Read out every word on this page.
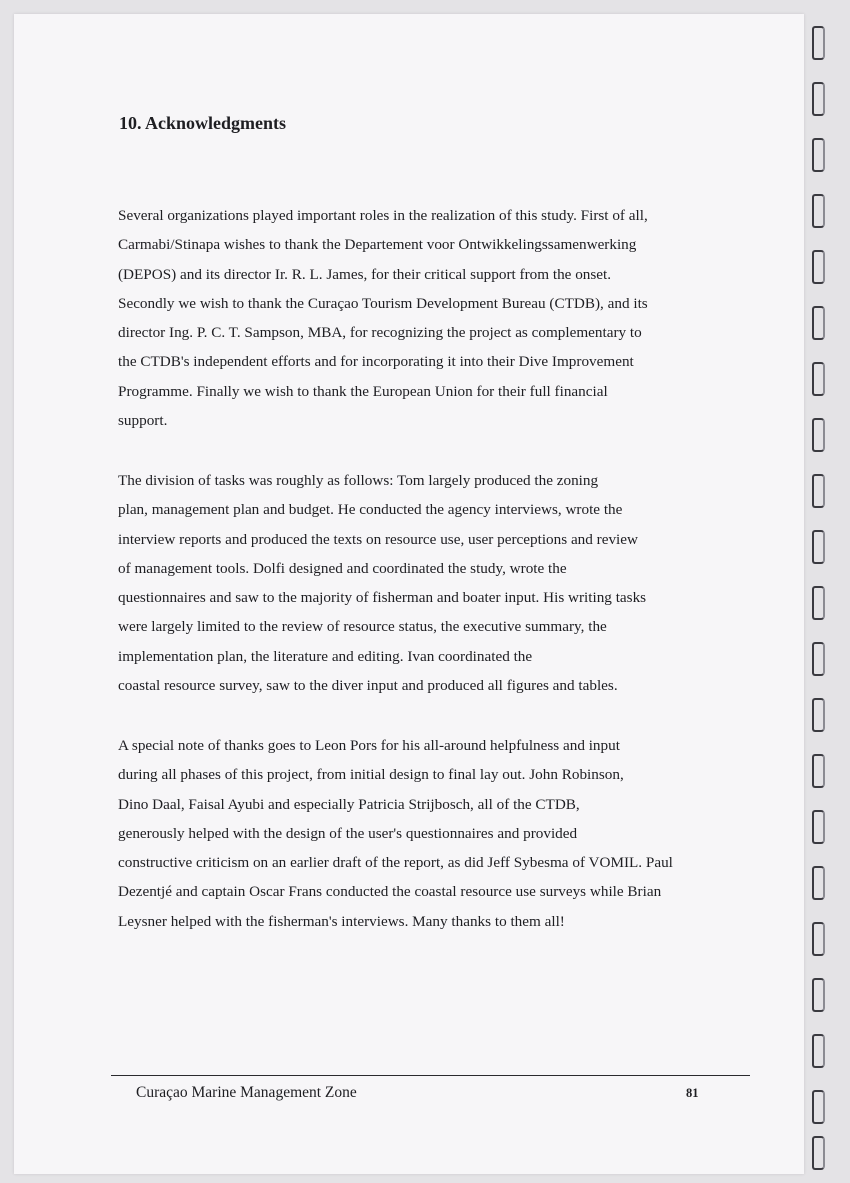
10. Acknowledgments

Several organizations played important roles in the realization of this study. First of all,
Carmabi/Stinapa wishes to thank the Departement voor Ontwikkelingssamenwerking
(DEPOS) and its director Ir. R. L. James, for their critical support from the onset.
Secondly we wish to thank the Curaçao Tourism Development Bureau (CTDB), and its
director Ing. P. C. T. Sampson, MBA, for recognizing the project as complementary to
the CTDB's independent efforts and for incorporating it into their Dive Improvement
Programme. Finally we wish to thank the European Union for their full financial
support.

The division of tasks was roughly as follows: Tom largely produced the zoning
plan, management plan and budget. He conducted the agency interviews, wrote the
interview reports and produced the texts on resource use, user perceptions and review
of management tools. Dolfi designed and coordinated the study, wrote the
questionnaires and saw to the majority of fisherman and boater input. His writing tasks
were largely limited to the review of resource status, the executive summary, the
implementation plan, the literature and editing. Ivan coordinated the
coastal resource survey, saw to the diver input and produced all figures and tables.

A special note of thanks goes to Leon Pors for his all-around helpfulness and input
during all phases of this project, from initial design to final lay out. John Robinson,
Dino Daal, Faisal Ayubi and especially Patricia Strijbosch, all of the CTDB,
generously helped with the design of the user's questionnaires and provided
constructive criticism on an earlier draft of the report, as did Jeff Sybesma of VOMIL. Paul
Dezentjé and captain Oscar Frans conducted the coastal resource use surveys while Brian
Leysner helped with the fisherman's interviews. Many thanks to them all!

Curaçao Marine Management Zone	81
